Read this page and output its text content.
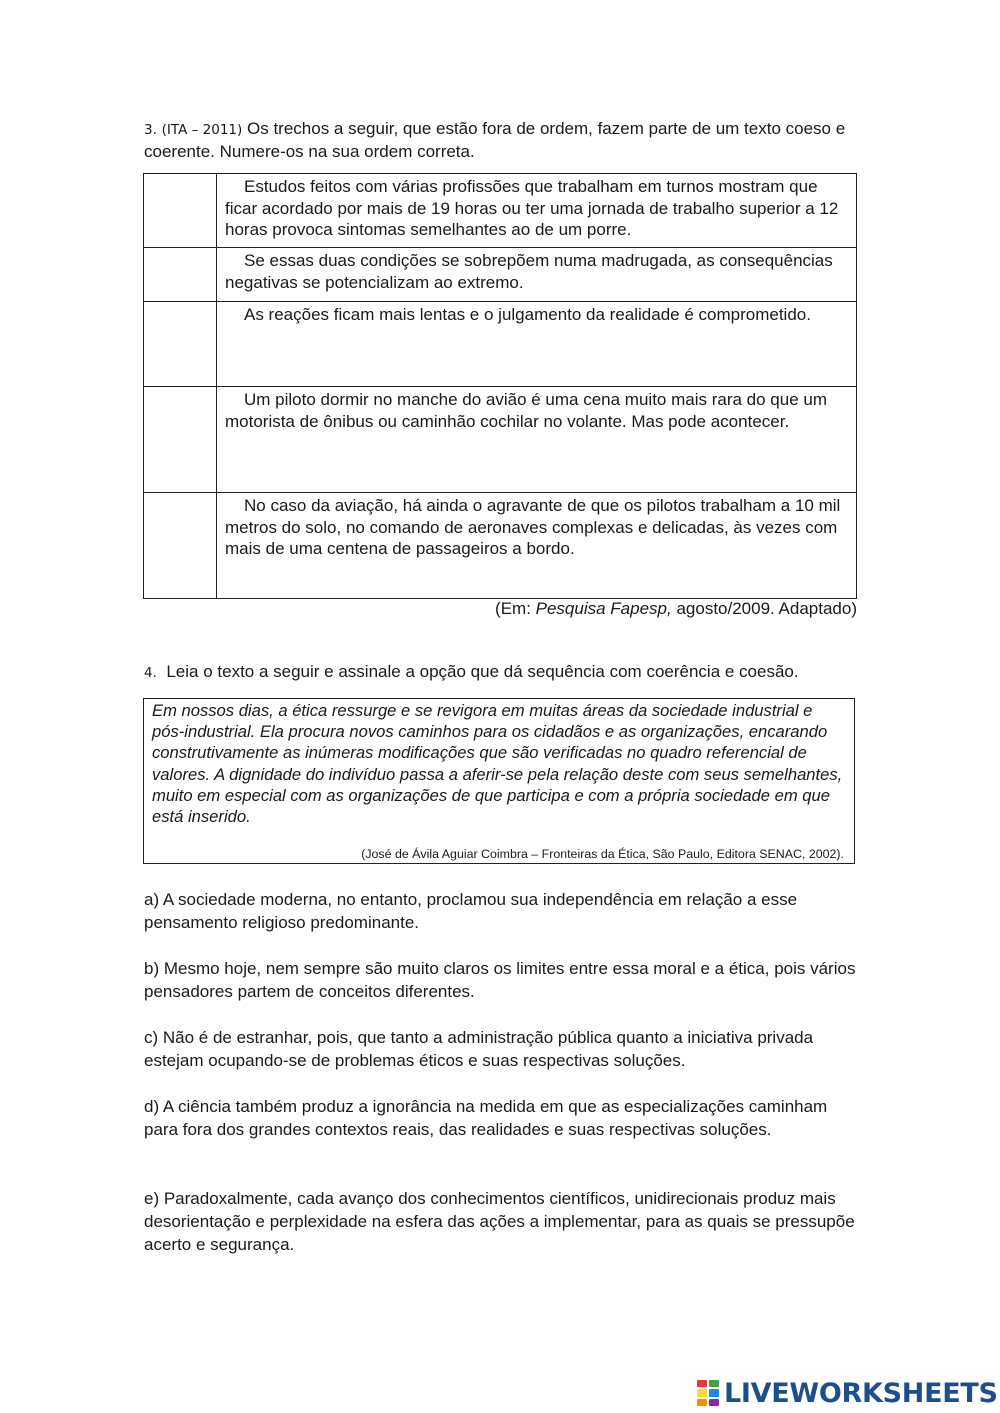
3. (ITA – 2011) Os trechos a seguir, que estão fora de ordem, fazem parte de um texto coeso e coerente. Numere-os na sua ordem correta.
	Estudos feitos com várias profissões que trabalham em turnos mostram que ficar acordado por mais de 19 horas ou ter uma jornada de trabalho superior a 12 horas provoca sintomas semelhantes ao de um porre.
	Se essas duas condições se sobrepõem numa madrugada, as consequências negativas se potencializam ao extremo.
	As reações ficam mais lentas e o julgamento da realidade é comprometido.
	Um piloto dormir no manche do avião é uma cena muito mais rara do que um motorista de ônibus ou caminhão cochilar no volante. Mas pode acontecer.
	No caso da aviação, há ainda o agravante de que os pilotos trabalham a 10 mil metros do solo, no comando de aeronaves complexas e delicadas, às vezes com mais de uma centena de passageiros a bordo.
(Em: Pesquisa Fapesp, agosto/2009. Adaptado)
4. Leia o texto a seguir e assinale a opção que dá sequência com coerência e coesão.
Em nossos dias, a ética ressurge e se revigora em muitas áreas da sociedade industrial e pós-industrial. Ela procura novos caminhos para os cidadãos e as organizações, encarando construtivamente as inúmeras modificações que são verificadas no quadro referencial de valores. A dignidade do indivíduo passa a aferir-se pela relação deste com seus semelhantes, muito em especial com as organizações de que participa e com a própria sociedade em que está inserido.
(José de Ávila Aguiar Coimbra – Fronteiras da Ética, São Paulo, Editora SENAC, 2002).
a) A sociedade moderna, no entanto, proclamou sua independência em relação a esse pensamento religioso predominante.
b) Mesmo hoje, nem sempre são muito claros os limites entre essa moral e a ética, pois vários pensadores partem de conceitos diferentes.
c) Não é de estranhar, pois, que tanto a administração pública quanto a iniciativa privada estejam ocupando-se de problemas éticos e suas respectivas soluções.
d) A ciência também produz a ignorância na medida em que as especializações caminham para fora dos grandes contextos reais, das realidades e suas respectivas soluções.
e) Paradoxalmente, cada avanço dos conhecimentos científicos, unidirecionais produz mais desorientação e perplexidade na esfera das ações a implementar, para as quais se pressupõe acerto e segurança.
LIVEWORKSHEETS
